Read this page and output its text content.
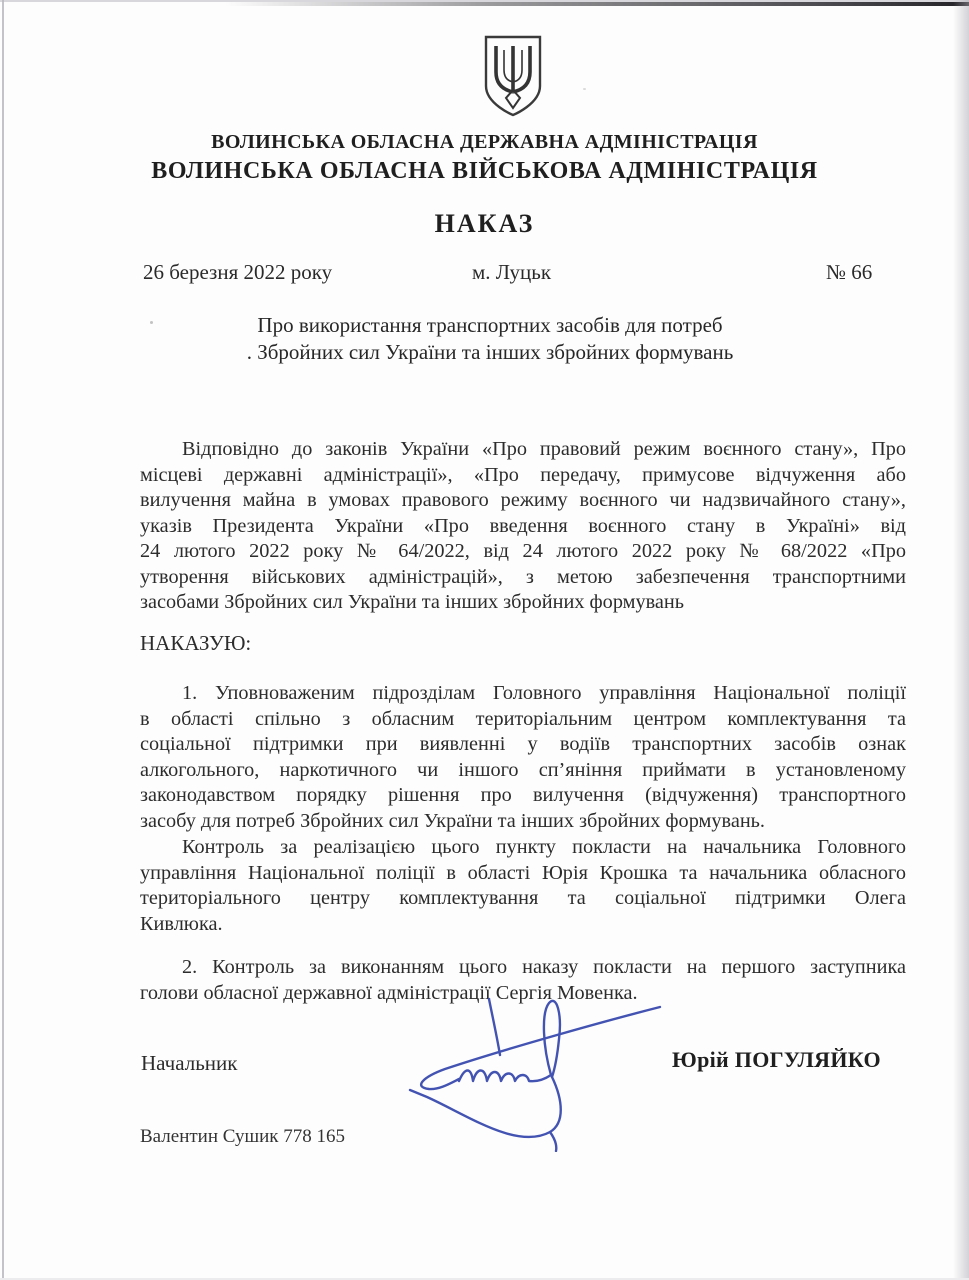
ВОЛИНСЬКА ОБЛАСНА ДЕРЖАВНА АДМІНІСТРАЦІЯ
ВОЛИНСЬКА ОБЛАСНА ВІЙСЬКОВА АДМІНІСТРАЦІЯ
НАКАЗ
26 березня 2022 року	м. Луцьк	№ 66
Про використання транспортних засобів для потреб
. Збройних сил України та інших збройних формувань
Відповідно до законів України «Про правовий режим воєнного стану», Про
місцеві державні адміністрації», «Про передачу, примусове відчуження або
вилучення майна в умовах правового режиму воєнного чи надзвичайного стану»,
указів Президента України «Про введення воєнного стану в Україні» від
24 лютого 2022 року № 64/2022, від 24 лютого 2022 року № 68/2022 «Про
утворення військових адміністрацій», з метою забезпечення транспортними
засобами Збройних сил України та інших збройних формувань
НАКАЗУЮ:
1. Уповноваженим підрозділам Головного управління Національної поліції
в області спільно з обласним територіальним центром комплектування та
соціальної підтримки при виявленні у водіїв транспортних засобів ознак
алкогольного, наркотичного чи іншого сп’яніння приймати в установленому
законодавством порядку рішення про вилучення (відчуження) транспортного
засобу для потреб Збройних сил України та інших збройних формувань.
Контроль за реалізацією цього пункту покласти на начальника Головного
управління Національної поліції в області Юрія Крошка та начальника обласного
територіального центру комплектування та соціальної підтримки Олега
Кивлюка.
2. Контроль за виконанням цього наказу покласти на першого заступника
голови обласної державної адміністрації Сергія Мовенка.
Начальник	Юрій ПОГУЛЯЙКО
Валентин Сушик 778 165
